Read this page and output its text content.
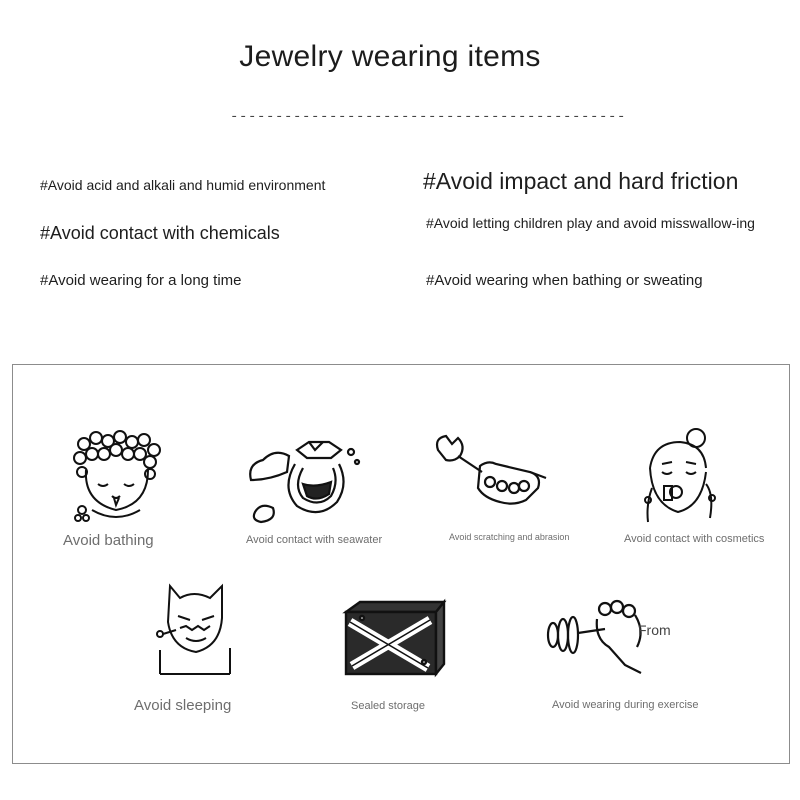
Jewelry wearing items
--------------------------------------------
#Avoid acid and alkali and humid environment	#Avoid impact and hard friction
#Avoid contact with chemicals	#Avoid letting children play and avoid misswallow-ing
#Avoid wearing for a long time	#Avoid wearing when bathing or sweating
Avoid bathing	Avoid contact with seawater	Avoid scratching and abrasion	Avoid contact with cosmetics
Avoid sleeping	Sealed storage
From
Avoid wearing during exercise
